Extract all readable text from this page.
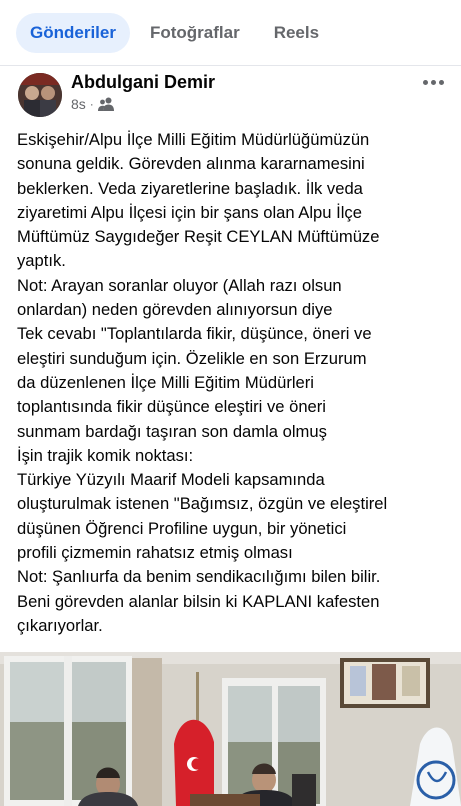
Gönderiler	Fotoğraflar	Reels
Abdulgani Demir
8s ·
Eskişehir/Alpu İlçe Milli Eğitim Müdürlüğümüzün
sonuna geldik. Görevden alınma kararnamesini
beklerken. Veda ziyaretlerine başladık. İlk veda
ziyaretimi Alpu İlçesi için bir şans olan Alpu İlçe
Müftümüz Saygıdeğer Reşit CEYLAN Müftümüze
yaptık.
Not: Arayan soranlar oluyor (Allah razı olsun
onlardan) neden görevden alınıyorsun diye
Tek cevabı "Toplantılarda fikir, düşünce, öneri ve
eleştiri sunduğum için. Özelikle en son Erzurum
da düzenlenen İlçe Milli Eğitim Müdürleri
toplantısında fikir düşünce eleştiri ve öneri
sunmam bardağı taşıran son damla olmuş
İşin trajik komik noktası:
Türkiye Yüzyılı Maarif Modeli kapsamında
oluşturulmak istenen "Bağımsız, özgün ve eleştirel
düşünen Öğrenci Profiline uygun, bir yönetici
profili çizmemin rahatsız etmiş olması
Not: Şanlıurfa da benim sendikacılığımı bilen bilir.
Beni görevden alanlar bilsin ki KAPLANI kafesten
çıkarıyorlar.
